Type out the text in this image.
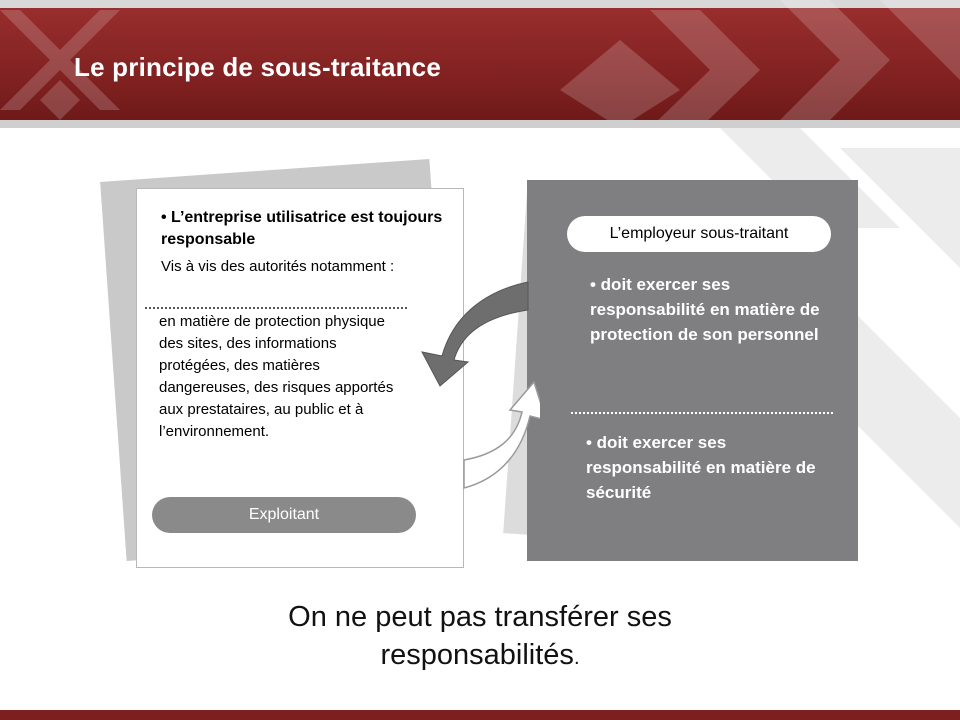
Le principe de sous-traitance
• L’entreprise utilisatrice est toujours responsable
Vis à vis des autorités notamment :
en matière de protection physique des sites, des informations protégées, des matières dangereuses, des risques apportés aux prestataires, au public et à l’environnement.
Exploitant
L’employeur sous-traitant
• doit exercer ses responsabilité en matière de protection de son personnel
• doit exercer ses responsabilité en matière de sécurité
On ne peut pas transférer ses
responsabilités.
